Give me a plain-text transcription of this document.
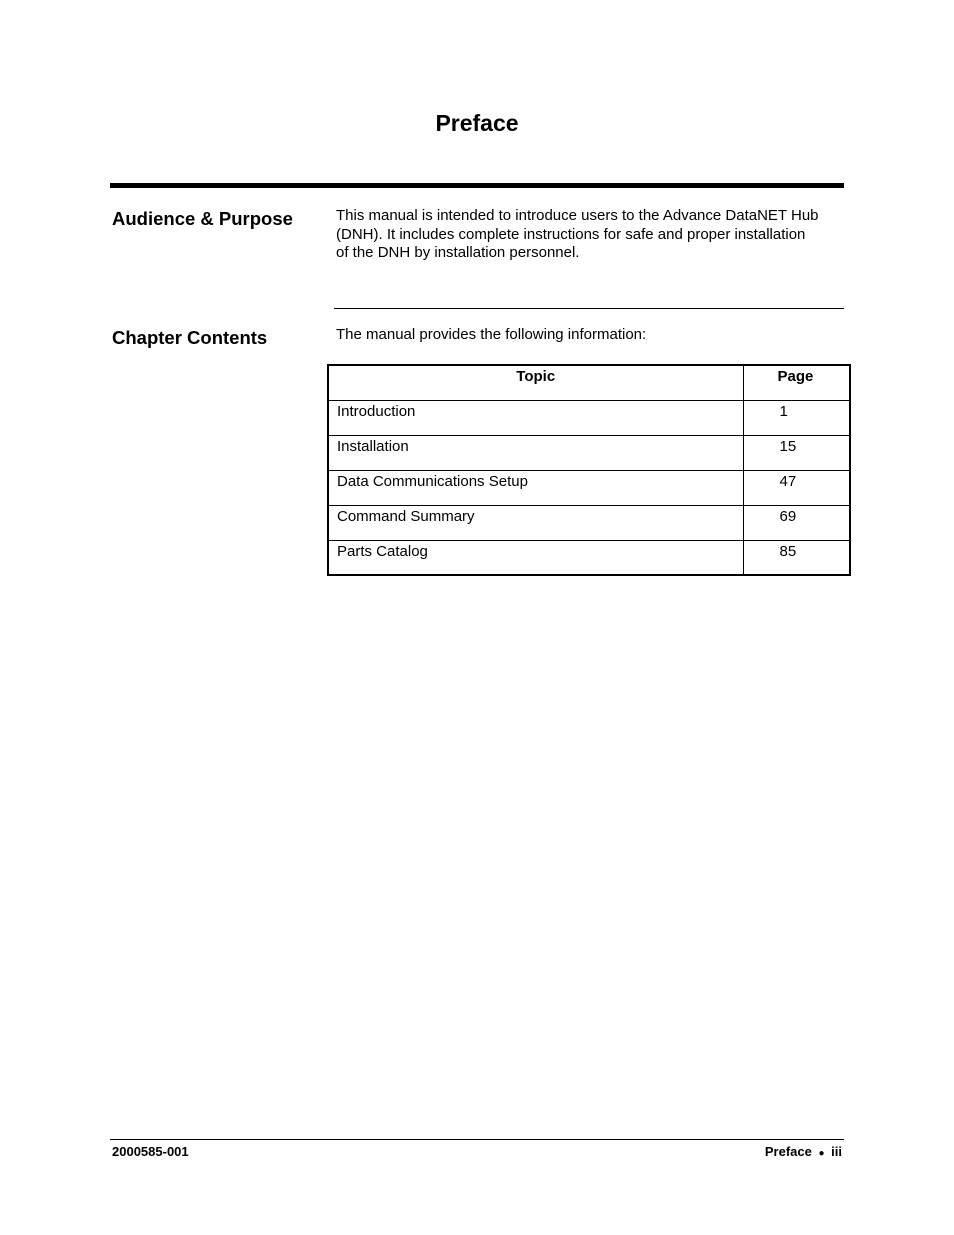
Preface
Audience & Purpose	This manual is intended to introduce users to the Advance DataNET Hub
(DNH). It includes complete instructions for safe and proper installation
of the DNH by installation personnel.
Chapter Contents	The manual provides the following information:
Topic	Page
Introduction	1
Installation	15
Data Communications Setup	47
Command Summary	69
Parts Catalog	85
2000585-001	Preface ● iii
